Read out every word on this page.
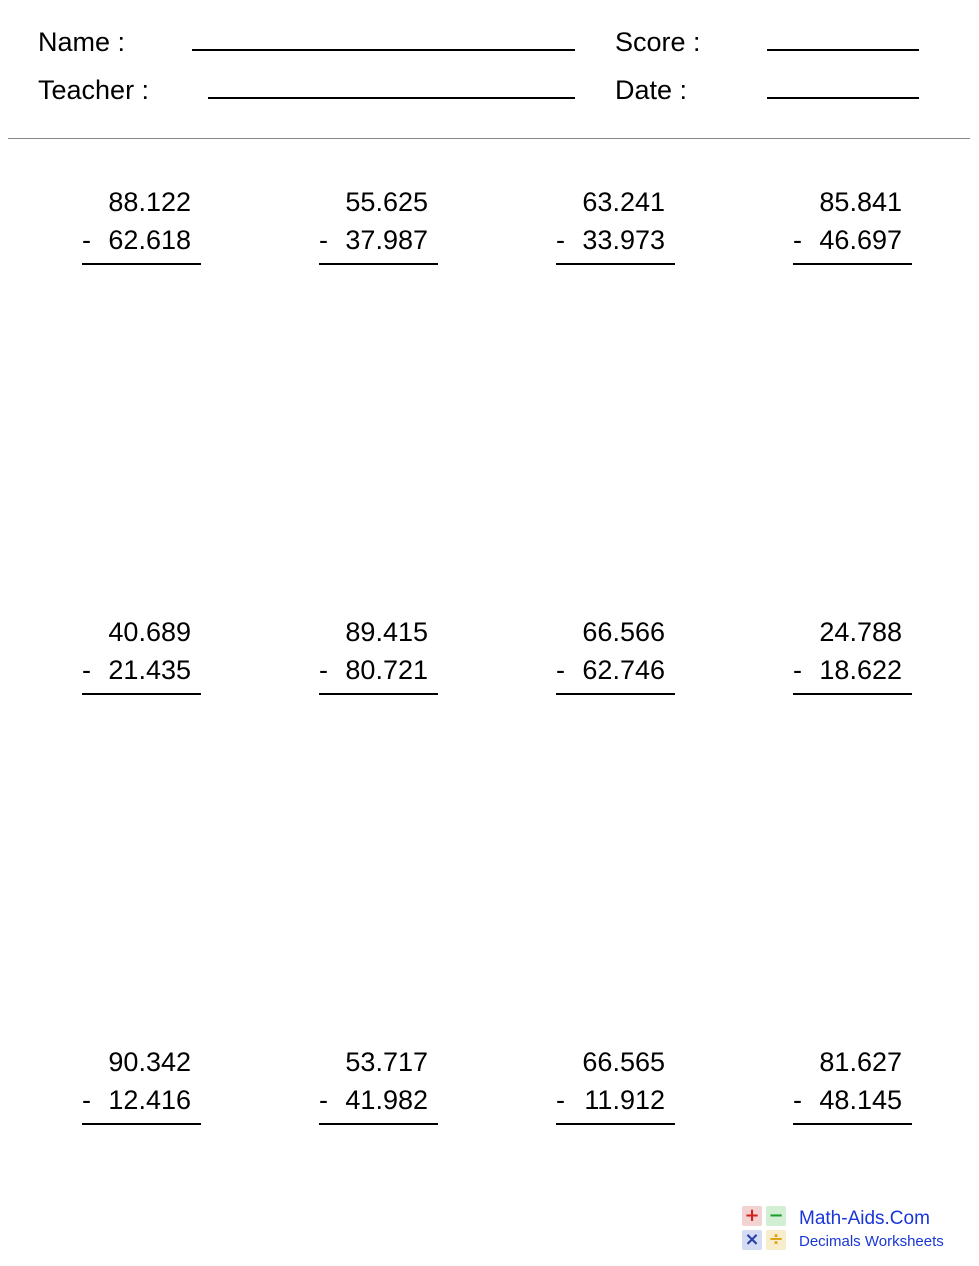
Name :
Teacher :
Score :
Date :
88.122
- 62.618
55.625
- 37.987
63.241
- 33.973
85.841
- 46.697
40.689
- 21.435
89.415
- 80.721
66.566
- 62.746
24.788
- 18.622
90.342
- 12.416
53.717
- 41.982
66.565
- 11.912
81.627
- 48.145
+ −
× ÷
Math-Aids.Com
Decimals Worksheets
